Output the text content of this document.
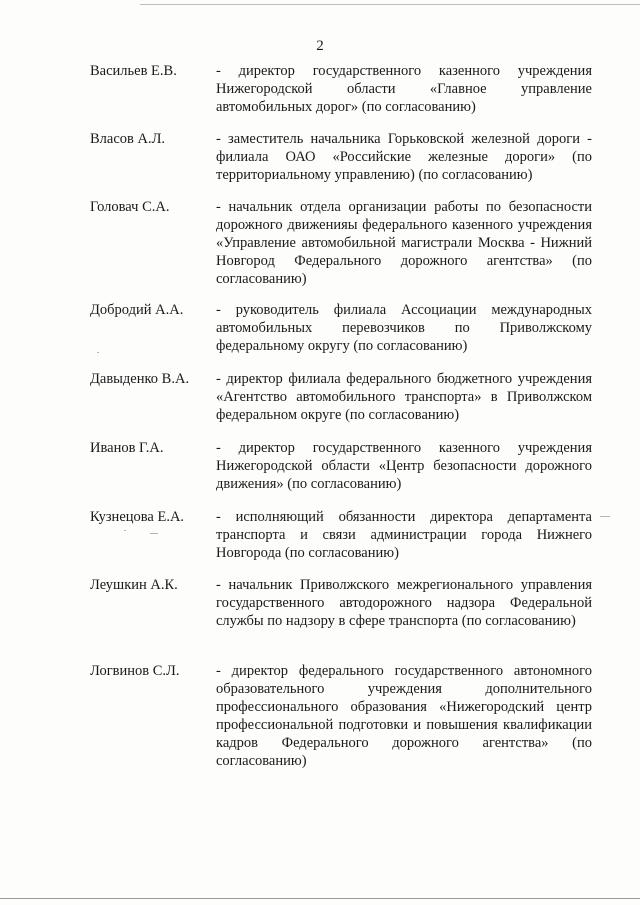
2
Васильев Е.В.	- директор государственного казенного учреждения Нижегородской области «Главное управление автомобильных дорог» (по согласованию)
Власов А.Л.	- заместитель начальника Горьковской железной дороги - филиала ОАО «Российские железные дороги» (по территориальному управлению) (по согласованию)
Головач С.А.	- начальник отдела организации работы по безопасности дорожного движенияы федерального казенного учреждения «Управление автомобильной магистрали Москва - Нижний Новгород Федерального дорожного агентства» (по согласованию)
Добродий А.А. - руководитель филиала Ассоциации международных автомобильных перевозчиков по Приволжскому федеральному округу (по согласованию)
Давыденко В.А. - директор филиала федерального бюджетного учреждения «Агентство автомобильного транспорта» в Приволжском федеральном округе (по согласованию)
Иванов Г.А.	- директор государственного казенного учреждения Нижегородской области «Центр безопасности дорожного движения» (по согласованию)
Кузнецова Е.А. - исполняющий обязанности директора департамента транспорта и связи администрации города Нижнего Новгорода (по согласованию)
Леушкин А.К.	- начальник Приволжского межрегионального управления государственного автодорожного надзора Федеральной службы по надзору в сфере транспорта (по согласованию)
Логвинов С.Л.	- директор федерального государственного автономного образовательного учреждения дополнительного профессионального образования «Нижегородский центр профессиональной подготовки и повышения квалификации кадров Федерального дорожного агентства» (по согласованию)
